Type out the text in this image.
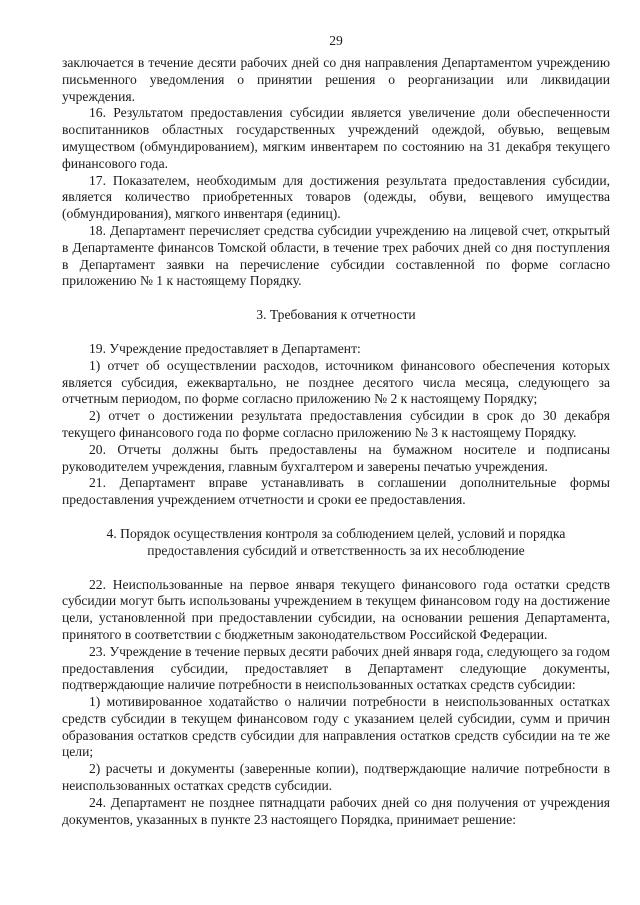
29

заключается в течение десяти рабочих дней со дня направления Департаментом учреждению письменного уведомления о принятии решения о реорганизации или ликвидации учреждения.

16. Результатом предоставления субсидии является увеличение доли обеспеченности воспитанников областных государственных учреждений одеждой, обувью, вещевым имуществом (обмундированием), мягким инвентарем по состоянию на 31 декабря текущего финансового года.

17. Показателем, необходимым для достижения результата предоставления субсидии, является количество приобретенных товаров (одежды, обуви, вещевого имущества (обмундирования), мягкого инвентаря (единиц).

18. Департамент перечисляет средства субсидии учреждению на лицевой счет, открытый в Департаменте финансов Томской области, в течение трех рабочих дней со дня поступления в Департамент заявки на перечисление субсидии составленной по форме согласно приложению № 1 к настоящему Порядку.

3. Требования к отчетности

19. Учреждение предоставляет в Департамент:

1) отчет об осуществлении расходов, источником финансового обеспечения которых является субсидия, ежеквартально, не позднее десятого числа месяца, следующего за отчетным периодом, по форме согласно приложению № 2 к настоящему Порядку;

2) отчет о достижении результата предоставления субсидии в срок до 30 декабря текущего финансового года по форме согласно приложению № 3 к настоящему Порядку.

20. Отчеты должны быть предоставлены на бумажном носителе и подписаны руководителем учреждения, главным бухгалтером и заверены печатью учреждения.

21. Департамент вправе устанавливать в соглашении дополнительные формы предоставления учреждением отчетности и сроки ее предоставления.

4. Порядок осуществления контроля за соблюдением целей, условий и порядка

предоставления субсидий и ответственность за их несоблюдение

22. Неиспользованные на первое января текущего финансового года остатки средств субсидии могут быть использованы учреждением в текущем финансовом году на достижение цели, установленной при предоставлении субсидии, на основании решения Департамента, принятого в соответствии с бюджетным законодательством Российской Федерации.

23. Учреждение в течение первых десяти рабочих дней января года, следующего за годом предоставления субсидии, предоставляет в Департамент следующие документы, подтверждающие наличие потребности в неиспользованных остатках средств субсидии:

1) мотивированное ходатайство о наличии потребности в неиспользованных остатках средств субсидии в текущем финансовом году с указанием целей субсидии, сумм и причин образования остатков средств субсидии для направления остатков средств субсидии на те же цели;

2) расчеты и документы (заверенные копии), подтверждающие наличие потребности в неиспользованных остатках средств субсидии.

24. Департамент не позднее пятнадцати рабочих дней со дня получения от учреждения документов, указанных в пункте 23 настоящего Порядка, принимает решение:
